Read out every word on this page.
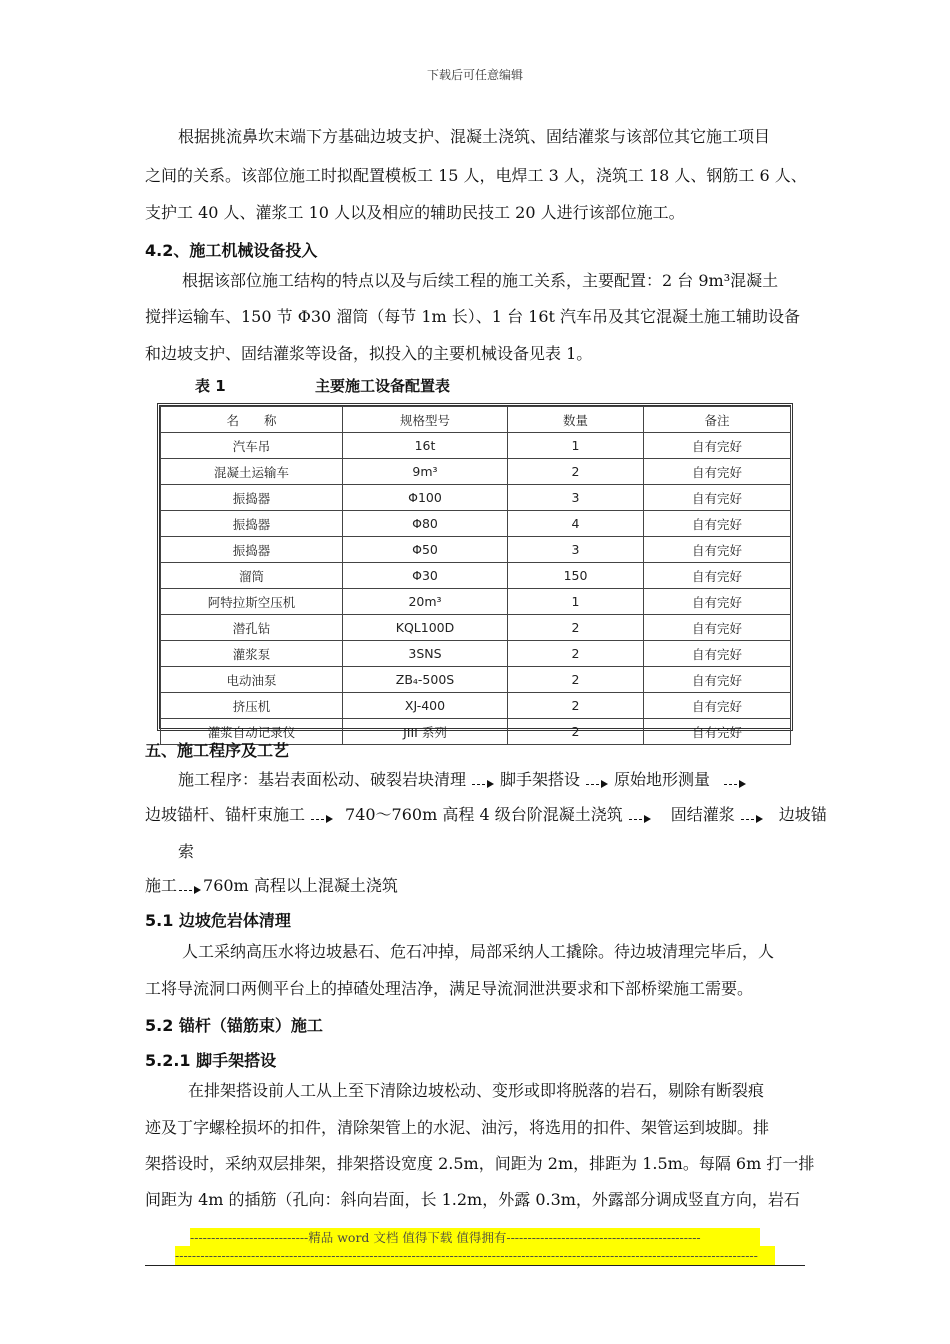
下载后可任意编辑
根据挑流鼻坎末端下方基础边坡支护、混凝土浇筑、固结灌浆与该部位其它施工项目
之间的关系。该部位施工时拟配置模板工 15 人，电焊工 3 人，浇筑工 18 人、钢筋工 6 人、
支护工 40 人、灌浆工 10 人以及相应的辅助民技工 20 人进行该部位施工。
4.2、施工机械设备投入
根据该部位施工结构的特点以及与后续工程的施工关系，主要配置：2 台 9m³混凝土
搅拌运输车、150 节 Φ30 溜筒（每节 1m 长）、1 台 16t 汽车吊及其它混凝土施工辅助设备
和边坡支护、固结灌浆等设备，拟投入的主要机械设备见表 1。
表 1	主要施工设备配置表
名　　称	规格型号	数量	备注
汽车吊	16t	1	自有完好
混凝土运输车	9m³	2	自有完好
振捣器	Φ100	3	自有完好
振捣器	Φ80	4	自有完好
振捣器	Φ50	3	自有完好
溜筒	Φ30	150	自有完好
阿特拉斯空压机	20m³	1	自有完好
潜孔钻	KQL100D	2	自有完好
灌浆泵	3SNS	2	自有完好
电动油泵	ZB₄-500S	2	自有完好
挤压机	XJ-400	2	自有完好
灌浆自动记录仪	JIII 系列	2	自有完好
五、施工程序及工艺
施工程序：基岩表面松动、破裂岩块清理 脚手架搭设 原始地形测量
边坡锚杆、锚杆束施工	740～760m 高程 4 级台阶混凝土浇筑	固结灌浆	边坡锚
索
施工 760m 高程以上混凝土浇筑
5.1 边坡危岩体清理
人工采纳高压水将边坡悬石、危石冲掉，局部采纳人工撬除。待边坡清理完毕后，人
工将导流洞口两侧平台上的掉碴处理洁净，满足导流洞泄洪要求和下部桥梁施工需要。
5.2 锚杆（锚筋束）施工
5.2.1 脚手架搭设
在排架搭设前人工从上至下清除边坡松动、变形或即将脱落的岩石，剔除有断裂痕
迹及丁字螺栓损坏的扣件，清除架管上的水泥、油污，将选用的扣件、架管运到坡脚。排
架搭设时，采纳双层排架，排架搭设宽度 2.5m，间距为 2m，排距为 1.5m。每隔 6m 打一排
间距为 4m 的插筋（孔向：斜向岩面，长 1.2m，外露 0.3m，外露部分调成竖直方向，岩石
----------------------------精品 word 文档 值得下载 值得拥有----------------------------------------------
------------------------------------------------------------------------------------------------------------------------------------------
